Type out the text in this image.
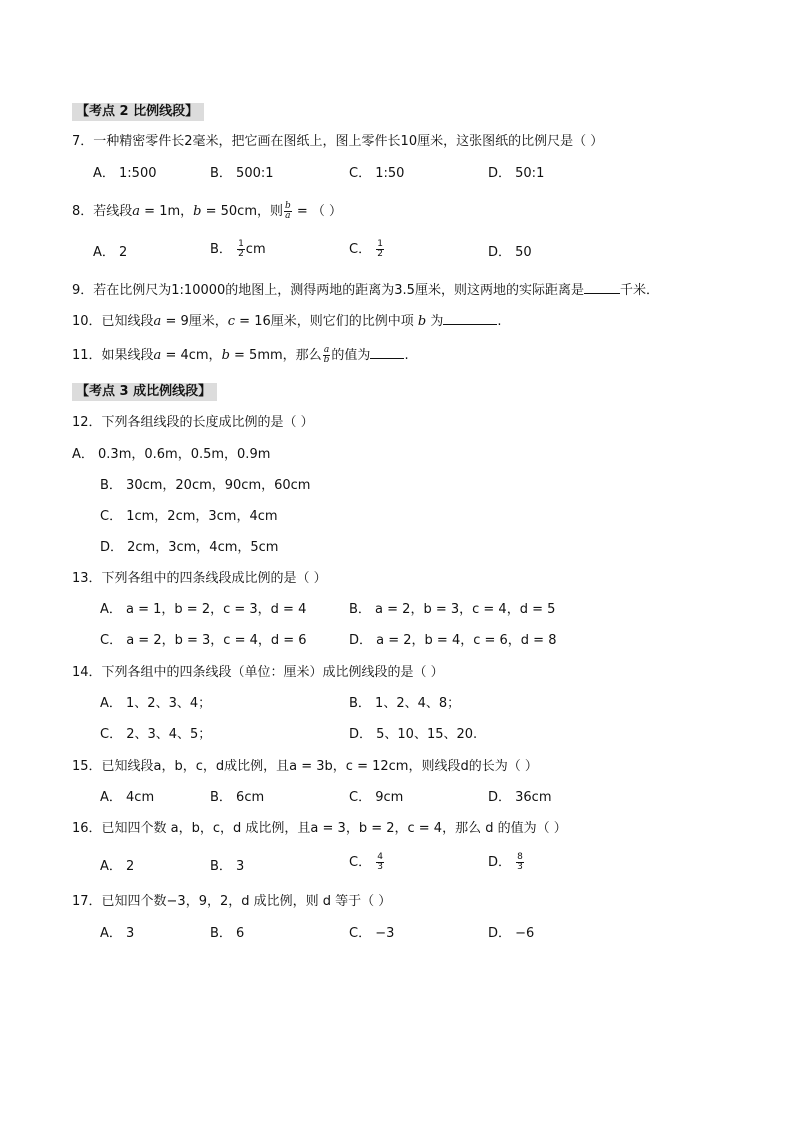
【考点 2 比例线段】
7．一种精密零件长2毫米，把它画在图纸上，图上零件长10厘米，这张图纸的比例尺是（ ）
A． 1:500	B． 500:1	C． 1:50	D． 50:1
8．若线段a = 1m，b = 50cm，则 $\frac{b}{a}$ = （ ）
A． 2	B． $\frac{1}{2}$ cm	C． $\frac{1}{2}$	D． 50
9．若在比例尺为1:10000的地图上，测得两地的距离为3.5厘米，则这两地的实际距离是	千米．
10．已知线段a = 9厘米，c = 16厘米，则它们的比例中项 b 为	.
11．如果线段a = 4cm，b = 5mm，那么 $\frac{a}{b}$ 的值为	.
【考点 3 成比例线段】
12．下列各组线段的长度成比例的是（ ）
A． 0.3m，0.6m，0.5m，0.9m
B． 30cm，20cm，90cm，60cm
C． 1cm，2cm，3cm，4cm
D． 2cm，3cm，4cm，5cm
13．下列各组中的四条线段成比例的是（ ）
A． a = 1，b = 2，c = 3，d = 4	B． a = 2，b = 3，c = 4，d = 5
C． a = 2，b = 3，c = 4，d = 6	D． a = 2，b = 4，c = 6，d = 8
14．下列各组中的四条线段（单位：厘米）成比例线段的是（ ）
A． 1、2、3、4；	B． 1、2、4、8；
C． 2、3、4、5；	D． 5、10、15、20.
15．已知线段a，b，c，d成比例，且a = 3b，c = 12cm，则线段d的长为（ ）
A． 4cm	B． 6cm	C． 9cm	D． 36cm
16．已知四个数 a，b，c，d 成比例，且a = 3，b = 2，c = 4，那么 d 的值为（ ）
A． 2	B． 3	C． $\frac{4}{3}$	D． $\frac{8}{3}$
17．已知四个数−3，9，2，d 成比例，则 d 等于（ ）
A． 3	B． 6	C． −3	D． −6
